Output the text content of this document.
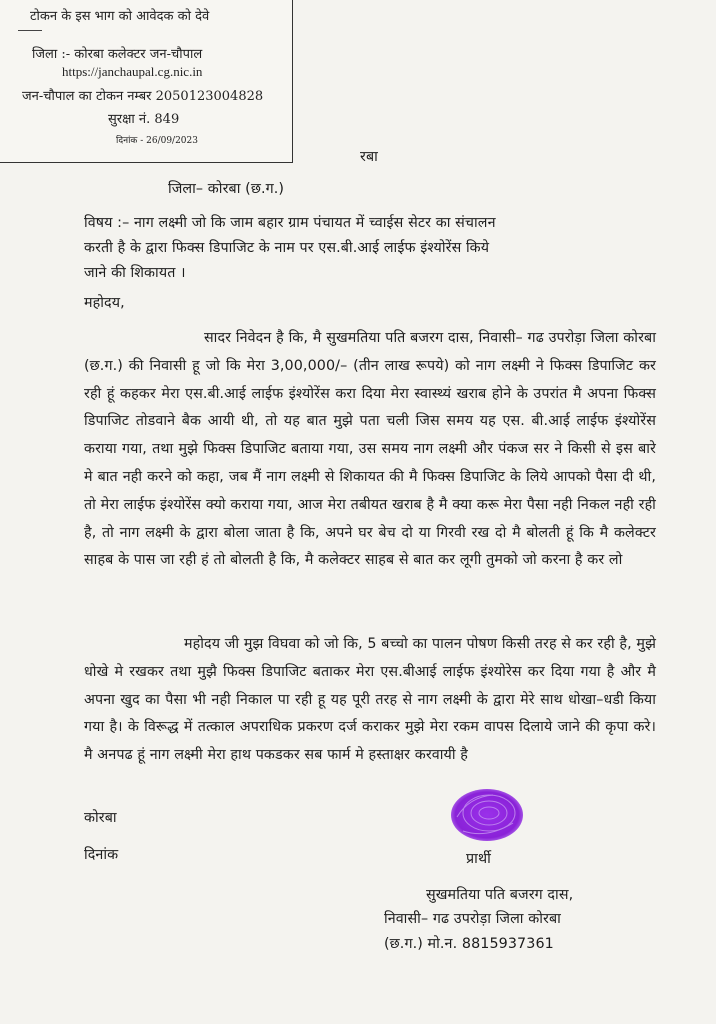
टोकन के इस भाग को आवेदक को देवे
जिला :- कोरबा कलेक्टर जन-चौपाल
https://janchaupal.cg.nic.in
जन-चौपाल का टोकन नम्बर 2050123004828
सुरक्षा नं. 849
दिनांक - 26/09/2023
रबा
जिला– कोरबा (छ.ग.)
विषय :– नाग लक्ष्मी जो कि जाम बहार ग्राम पंचायत में च्वाईस सेटर का संचालन
करती है के द्वारा फिक्स डिपाजिट के नाम पर एस.बी.आई लाईफ इंश्योरेंस किये
जाने की शिकायत ।
महोदय,
सादर निवेदन है कि, मै सुखमतिया पति बजरग दास, निवासी– गढ उपरोड़ा जिला कोरबा (छ.ग.) की निवासी हू जो कि मेरा 3,00,000/– (तीन लाख रूपये) को नाग लक्ष्मी ने फिक्स डिपाजिट कर रही हूं कहकर मेरा एस.बी.आई लाईफ इंश्योरेंस करा दिया मेरा स्वास्थ्यं खराब होने के उपरांत मै अपना फिक्स डिपाजिट तोडवाने बैक आयी थी, तो यह बात मुझे पता चली जिस समय यह एस. बी.आई लाईफ इंश्योरेंस कराया गया, तथा मुझे फिक्स डिपाजिट बताया गया, उस समय नाग लक्ष्मी और पंकज सर ने किसी से इस बारे मे बात नही करने को कहा, जब मैं नाग लक्ष्मी से शिकायत की मै फिक्स डिपाजिट के लिये आपको पैसा दी थी, तो मेरा लाईफ इंश्योरेंस क्यो कराया गया, आज मेरा तबीयत खराब है मै क्या करू मेरा पैसा नही निकल नही रही है, तो नाग लक्ष्मी के द्वारा बोला जाता है कि, अपने घर बेच दो या गिरवी रख दो मै बोलती हूं कि मै कलेक्टर साहब के पास जा रही हं तो बोलती है कि, मै कलेक्टर साहब से बात कर लूगी तुमको जो करना है कर लो
महोदय जी मुझ विघवा को जो कि, 5 बच्चो का पालन पोषण किसी तरह से कर रही है, मुझे धोखे मे रखकर तथा मुझै फिक्स डिपाजिट बताकर मेरा एस.बीआई लाईफ इंश्योरेस कर दिया गया है और मै अपना खुद का पैसा भी नही निकाल पा रही हू यह पूरी तरह से नाग लक्ष्मी के द्वारा मेरे साथ धोखा–धडी किया गया है। के विरूद्ध में तत्काल अपराधिक प्रकरण दर्ज कराकर मुझे मेरा रकम वापस दिलाये जाने की कृपा करे। मै अनपढ हूं नाग लक्ष्मी मेरा हाथ पकडकर सब फार्म मे हस्ताक्षर करवायी है
कोरबा
दिनांक	प्रार्थी
सुखमतिया पति बजरग दास,
निवासी– गढ उपरोड़ा जिला कोरबा
(छ.ग.) मो.न. 8815937361
